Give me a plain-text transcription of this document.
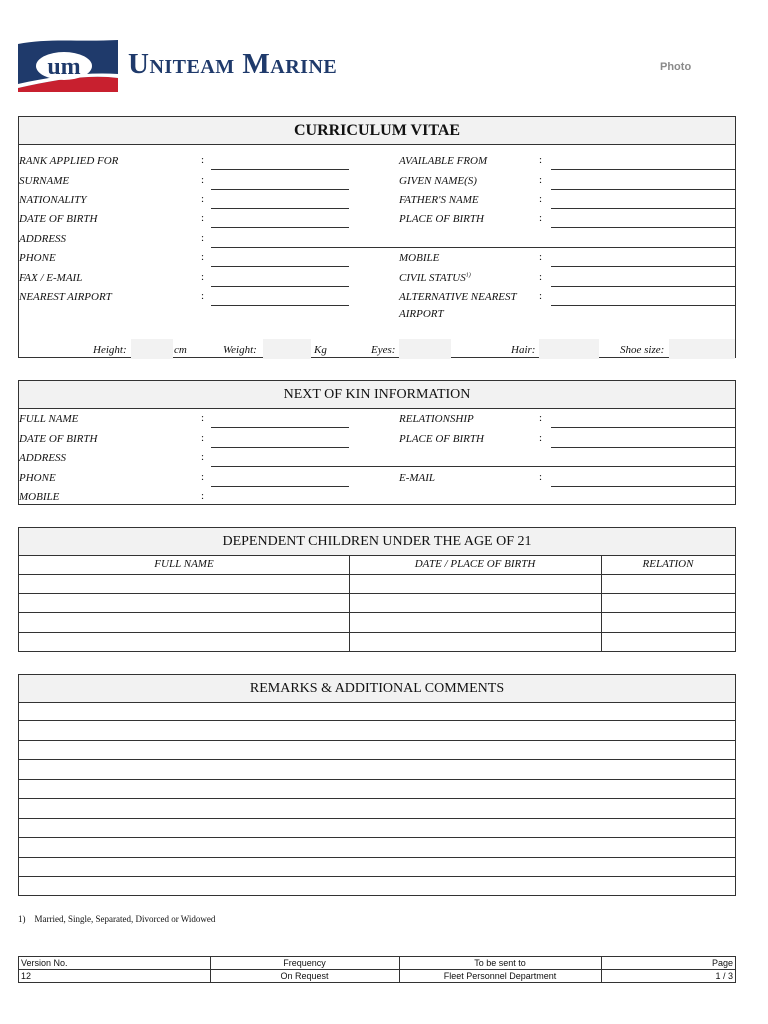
um Uniteam Marine	Photo
CURRICULUM VITAE
RANK APPLIED FOR	:	AVAILABLE FROM	:
SURNAME	:	GIVEN NAME(S)	:
NATIONALITY	:	FATHER'S NAME	:
DATE OF BIRTH	:	PLACE OF BIRTH	:
ADDRESS	:
PHONE	:	MOBILE	:
FAX / E-MAIL	:	CIVIL STATUS$^{1)}$	:
NEAREST AIRPORT	:	ALTERNATIVE NEAREST
AIRPORT
:
Height:	cm	Weight:	Kg	Eyes:	Hair:	Shoe size:
NEXT OF KIN INFORMATION
FULL NAME	:	RELATIONSHIP	:
DATE OF BIRTH	:	PLACE OF BIRTH	:
ADDRESS	:
PHONE	:	E-MAIL	:
MOBILE	:
DEPENDENT CHILDREN UNDER THE AGE OF 21
FULL NAME	DATE / PLACE OF BIRTH	RELATION
REMARKS & ADDITIONAL COMMENTS
1)    Married, Single, Separated, Divorced or Widowed
Version No.	Frequency	To be sent to	Page
12	On Request	Fleet Personnel Department	1 / 3
